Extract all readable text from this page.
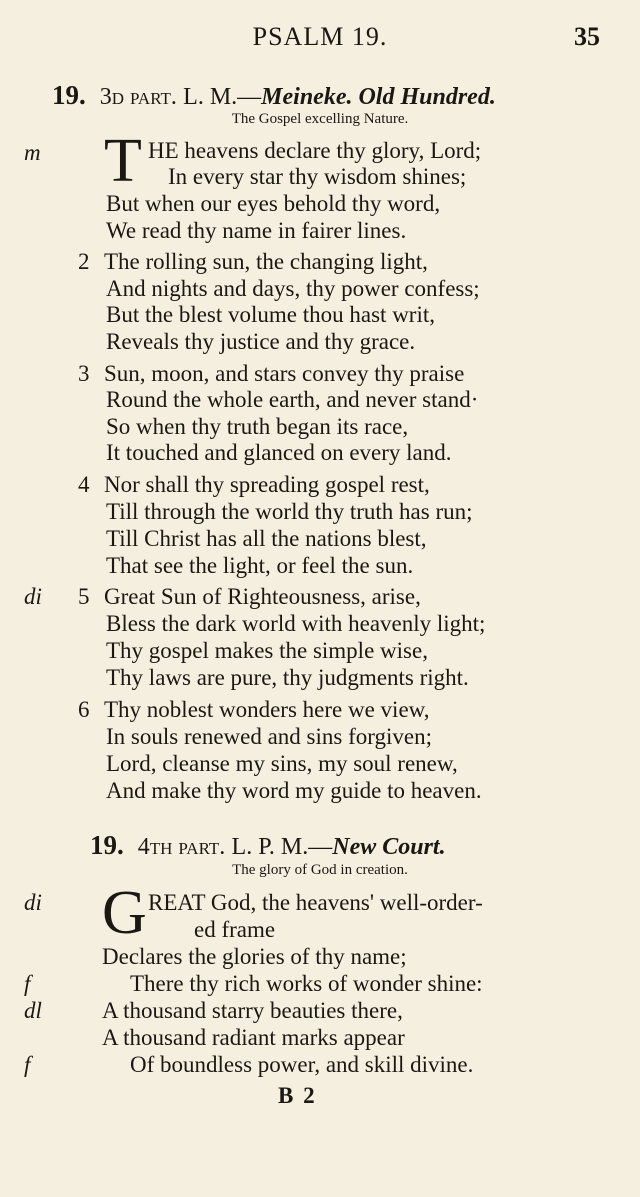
PSALM 19.	35
19. 3d part. L. M.—Meineke. Old Hundred.
The Gospel excelling Nature.
m T HE heavens declare thy glory, Lord;
In every star thy wisdom shines;
But when our eyes behold thy word,
We read thy name in fairer lines.
2 The rolling sun, the changing light,
And nights and days, thy power confess;
But the blest volume thou hast writ,
Reveals thy justice and thy grace.
3 Sun, moon, and stars convey thy praise
Round the whole earth, and never stand·
So when thy truth began its race,
It touched and glanced on every land.
4 Nor shall thy spreading gospel rest,
Till through the world thy truth has run;
Till Christ has all the nations blest,
That see the light, or feel the sun.
di 5 Great Sun of Righteousness, arise,
Bless the dark world with heavenly light;
Thy gospel makes the simple wise,
Thy laws are pure, thy judgments right.
6 Thy noblest wonders here we view,
In souls renewed and sins forgiven;
Lord, cleanse my sins, my soul renew,
And make thy word my guide to heaven.
19. 4th part. L. P. M.—New Court.
The glory of God in creation.
di G REAT God, the heavens' well-order-
ed frame
Declares the glories of thy name;
f	There thy rich works of wonder shine:
dl	A thousand starry beauties there,
A thousand radiant marks appear
f	Of boundless power, and skill divine.
B 2
